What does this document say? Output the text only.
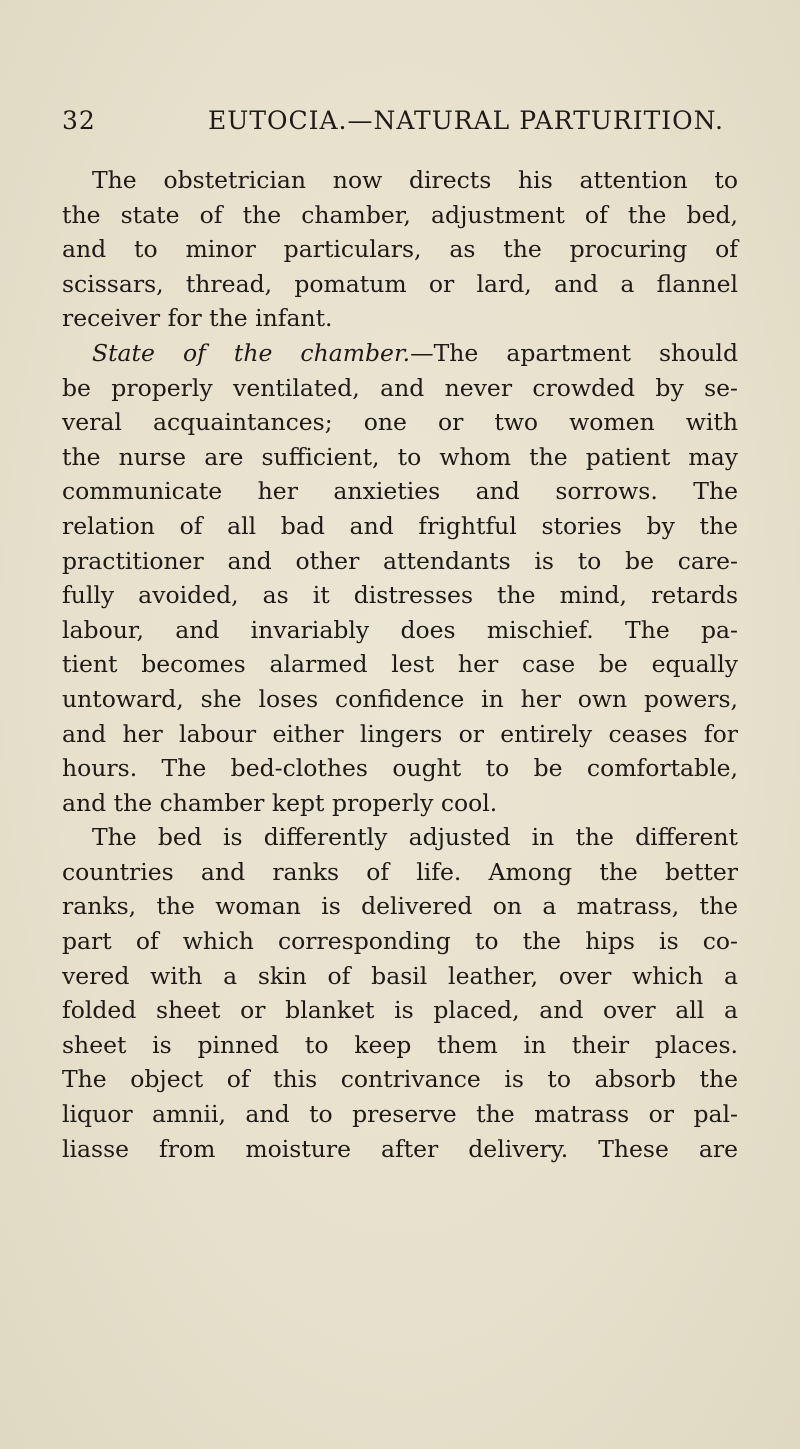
32	EUTOCIA.—NATURAL PARTURITION.
The obstetrician now directs his attention to
the state of the chamber, adjustment of the bed,
and to minor particulars, as the procuring of
scissars, thread, pomatum or lard, and a flannel
receiver for the infant.
State of the chamber.—The apartment should
be properly ventilated, and never crowded by se-
veral acquaintances; one or two women with
the nurse are sufficient, to whom the patient may
communicate her anxieties and sorrows. The
relation of all bad and frightful stories by the
practitioner and other attendants is to be care-
fully avoided, as it distresses the mind, retards
labour, and invariably does mischief. The pa-
tient becomes alarmed lest her case be equally
untoward, she loses confidence in her own powers,
and her labour either lingers or entirely ceases for
hours. The bed-clothes ought to be comfortable,
and the chamber kept properly cool.
The bed is differently adjusted in the different
countries and ranks of life. Among the better
ranks, the woman is delivered on a matrass, the
part of which corresponding to the hips is co-
vered with a skin of basil leather, over which a
folded sheet or blanket is placed, and over all a
sheet is pinned to keep them in their places.
The object of this contrivance is to absorb the
liquor amnii, and to preserve the matrass or pal-
liasse from moisture after delivery. These are
